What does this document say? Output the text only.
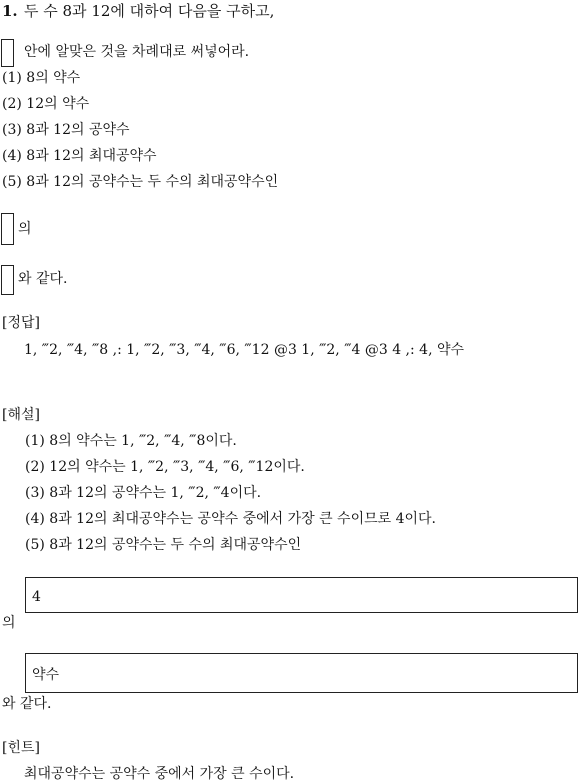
1. 두 수 8과 12에 대하여 다음을 구하고,
안에 알맞은 것을 차례대로 써넣어라.
(1) 8의 약수
(2) 12의 약수
(3) 8과 12의 공약수
(4) 8과 12의 최대공약수
(5) 8과 12의 공약수는 두 수의 최대공약수인
의
와 같다.
[정답]
1, ‴2, ‴4, ‴8 ,: 1, ‴2, ‴3, ‴4, ‴6, ‴12 @3 1, ‴2, ‴4 @3 4 ,: 4, 약수
[해설]
(1) 8의 약수는 1, ‴2, ‴4, ‴8이다.
(2) 12의 약수는 1, ‴2, ‴3, ‴4, ‴6, ‴12이다.
(3) 8과 12의 공약수는 1, ‴2, ‴4이다.
(4) 8과 12의 최대공약수는 공약수 중에서 가장 큰 수이므로 4이다.
(5) 8과 12의 공약수는 두 수의 최대공약수인
4
의
약수
와 같다.
[힌트]
최대공약수는 공약수 중에서 가장 큰 수이다.
